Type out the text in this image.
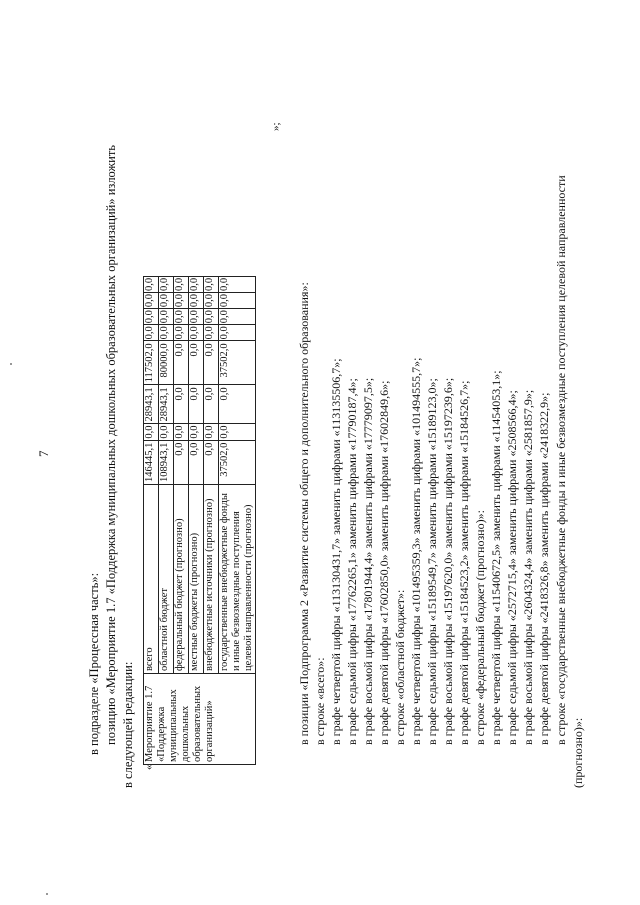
7

в подразделе «Процессная часть»: позицию «Мероприятие 1.7 «Поддержка муниципальных дошкольных образовательных организаций» изложить в следующей редакции: «
Мероприятие 1.7 «Поддержка муниципальных дошкольных образовательных организаций»	всего	146445,1	0,0	28943,1	117502,0	0,0	0,0	0,0	0,0
	областной бюджет	108943,1	0,0	28943,1	80000,0	0,0	0,0	0,0	0,0
	федеральный бюджет (прогнозно)	0,0	0,0	0,0	0,0	0,0	0,0	0,0	0,0
	местные бюджеты (прогнозно)	0,0	0,0	0,0	0,0	0,0	0,0	0,0	0,0
	внебюджетные источники (прогнозно)	0,0	0,0	0,0	0,0	0,0	0,0	0,0	0,0
	государственные внебюджетные фонды и иные безвозмездные поступления целевой направленности (прогнозно)	37502,0	0,0	0,0	37502,0	0,0	0,0	0,0	0,0
»;

в позиции «Подпрограмма 2 «Развитие системы общего и дополнительного образования»: в строке «всего»: в графе четвертой цифры «113130431,7» заменить цифрами «113135506,7»; в графе седьмой цифры «17762265,1» заменить цифрами «17790187,4»; в графе восьмой цифры «17801944,4» заменить цифрами «17779097,5»; в графе девятой цифры «17602850,0» заменить цифрами «17602849,6»; в строке «областной бюджет»: в графе четвертой цифры «101495359,3» заменить цифрами «101494555,7»; в графе седьмой цифры «15189549,7» заменить цифрами «15189123,0»; в графе восьмой цифры «15197620,0» заменить цифрами «15197239,6»; в графе девятой цифры «15184523,2» заменить цифрами «15184526,7»; в строке «федеральный бюджет (прогнозно)»: в графе четвертой цифры «11540672,5» заменить цифрами «11454053,1»; в графе седьмой цифры «2572715,4» заменить цифрами «2508566,4»; в графе восьмой цифры «2604324,4» заменить цифрами «2581857,9»; в графе девятой цифры «2418326,8» заменить цифрами «2418322,9»; в строке «государственные внебюджетные фонды и иные безвозмездные поступления целевой направленности

(прогнозно)»:
